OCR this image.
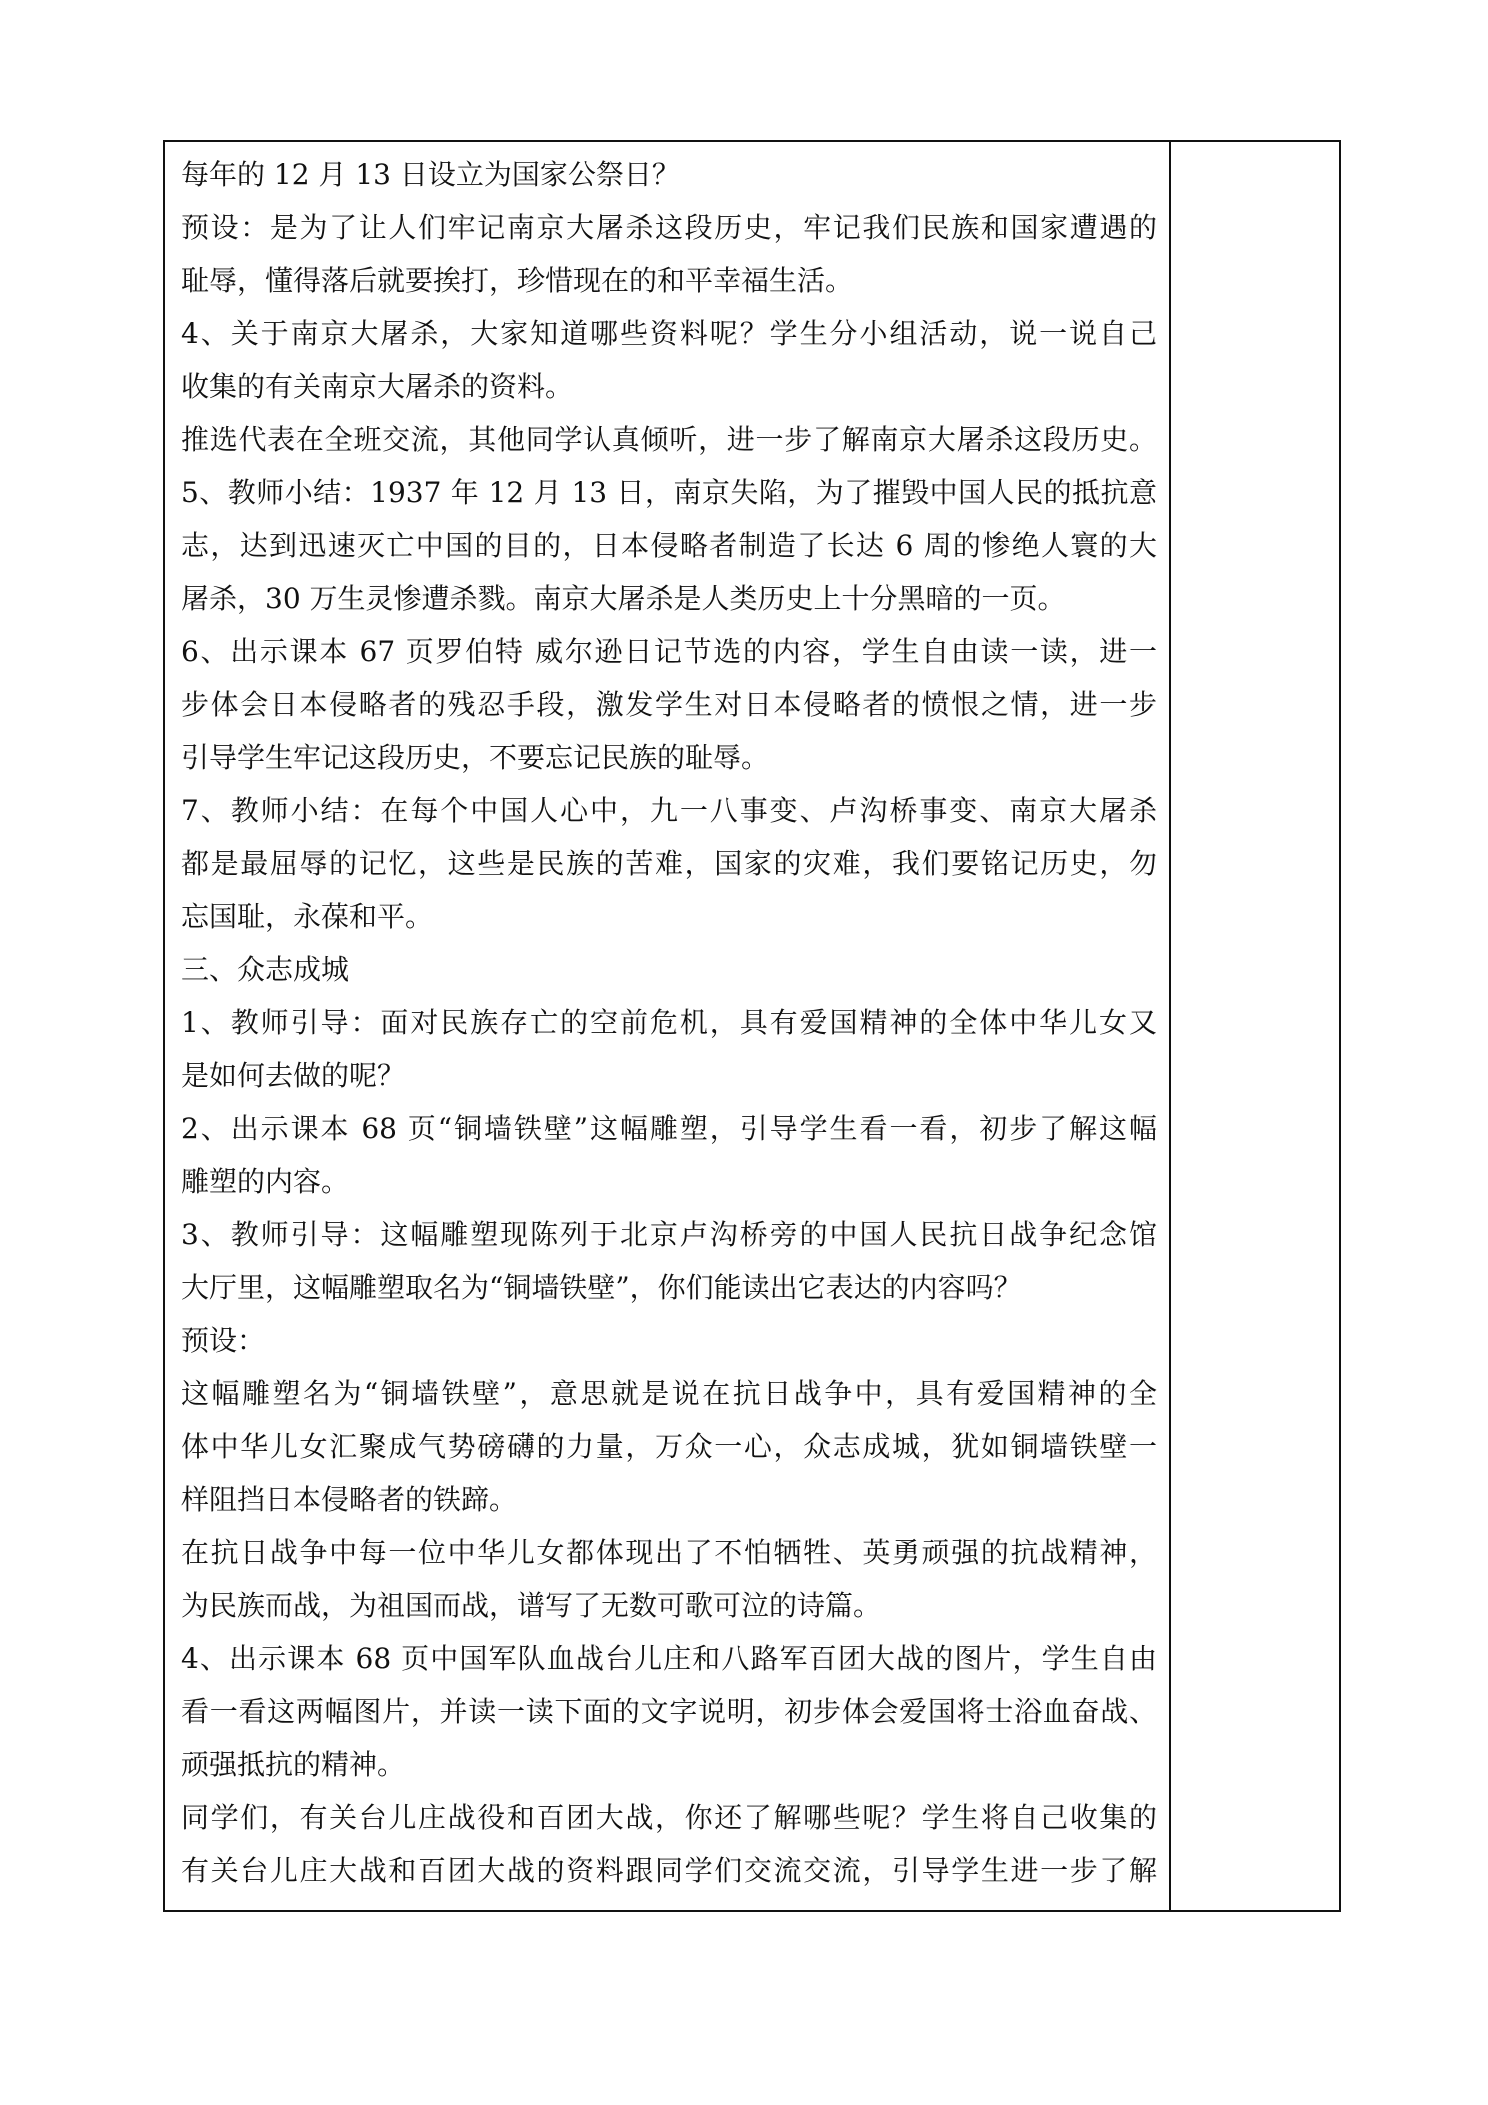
每年的 12 月 13 日设立为国家公祭日？
预设：是为了让人们牢记南京大屠杀这段历史，牢记我们民族和国家遭遇的
耻辱，懂得落后就要挨打，珍惜现在的和平幸福生活。
4、关于南京大屠杀，大家知道哪些资料呢？学生分小组活动，说一说自己
收集的有关南京大屠杀的资料。
推选代表在全班交流，其他同学认真倾听，进一步了解南京大屠杀这段历史。
5、教师小结：1937 年 12 月 13 日，南京失陷，为了摧毁中国人民的抵抗意
志，达到迅速灭亡中国的目的，日本侵略者制造了长达 6 周的惨绝人寰的大
屠杀，30 万生灵惨遭杀戮。南京大屠杀是人类历史上十分黑暗的一页。
6、出示课本 67 页罗伯特 威尔逊日记节选的内容，学生自由读一读，进一
步体会日本侵略者的残忍手段，激发学生对日本侵略者的愤恨之情，进一步
引导学生牢记这段历史，不要忘记民族的耻辱。
7、教师小结：在每个中国人心中，九一八事变、卢沟桥事变、南京大屠杀
都是最屈辱的记忆，这些是民族的苦难，国家的灾难，我们要铭记历史，勿
忘国耻，永葆和平。
三、众志成城
1、教师引导：面对民族存亡的空前危机，具有爱国精神的全体中华儿女又
是如何去做的呢？
2、出示课本 68 页“铜墙铁壁”这幅雕塑，引导学生看一看，初步了解这幅
雕塑的内容。
3、教师引导：这幅雕塑现陈列于北京卢沟桥旁的中国人民抗日战争纪念馆
大厅里，这幅雕塑取名为“铜墙铁壁”，你们能读出它表达的内容吗？
预设：
这幅雕塑名为“铜墙铁壁”，意思就是说在抗日战争中，具有爱国精神的全
体中华儿女汇聚成气势磅礴的力量，万众一心，众志成城，犹如铜墙铁壁一
样阻挡日本侵略者的铁蹄。
在抗日战争中每一位中华儿女都体现出了不怕牺牲、英勇顽强的抗战精神，
为民族而战，为祖国而战，谱写了无数可歌可泣的诗篇。
4、出示课本 68 页中国军队血战台儿庄和八路军百团大战的图片，学生自由
看一看这两幅图片，并读一读下面的文字说明，初步体会爱国将士浴血奋战、
顽强抵抗的精神。
同学们，有关台儿庄战役和百团大战，你还了解哪些呢？学生将自己收集的
有关台儿庄大战和百团大战的资料跟同学们交流交流，引导学生进一步了解
